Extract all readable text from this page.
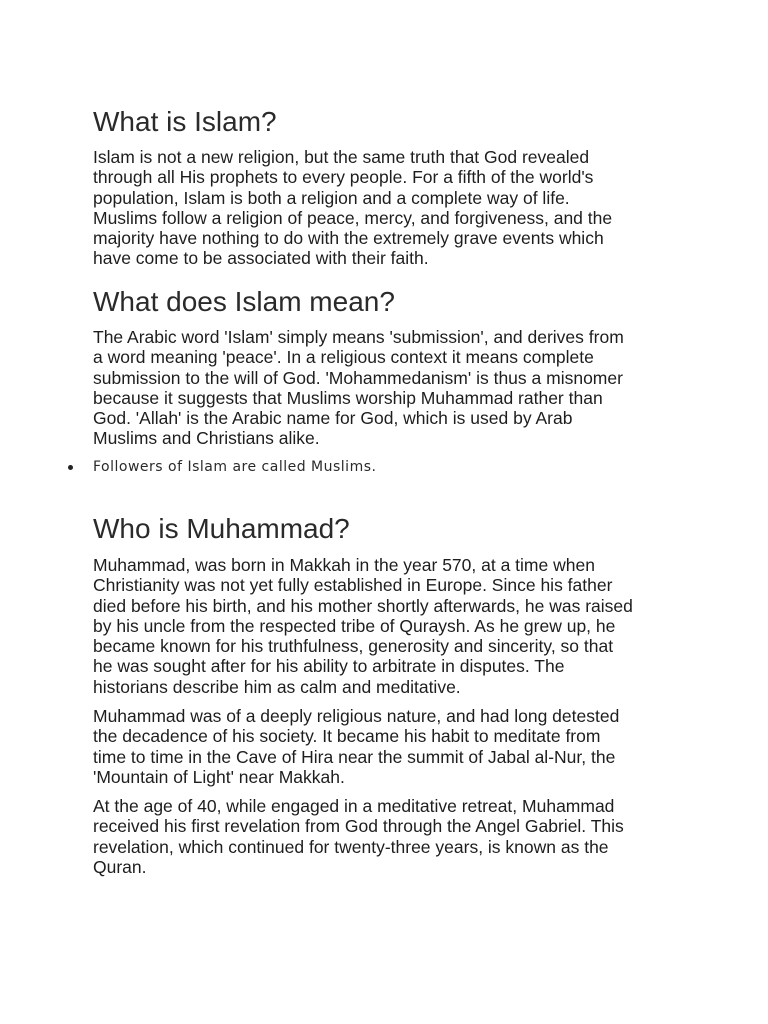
What is Islam?

Islam is not a new religion, but the same truth that God revealed
through all His prophets to every people. For a fifth of the world's
population, Islam is both a religion and a complete way of life.
Muslims follow a religion of peace, mercy, and forgiveness, and the
majority have nothing to do with the extremely grave events which
have come to be associated with their faith.

What does Islam mean?

The Arabic word 'Islam' simply means 'submission', and derives from
a word meaning 'peace'. In a religious context it means complete
submission to the will of God. 'Mohammedanism' is thus a misnomer
because it suggests that Muslims worship Muhammad rather than
God. 'Allah' is the Arabic name for God, which is used by Arab
Muslims and Christians alike.

Followers of Islam are called Muslims.
Who is Muhammad?

Muhammad, was born in Makkah in the year 570, at a time when
Christianity was not yet fully established in Europe. Since his father
died before his birth, and his mother shortly afterwards, he was raised
by his uncle from the respected tribe of Quraysh. As he grew up, he
became known for his truthfulness, generosity and sincerity, so that
he was sought after for his ability to arbitrate in disputes. The
historians describe him as calm and meditative.

Muhammad was of a deeply religious nature, and had long detested
the decadence of his society. It became his habit to meditate from
time to time in the Cave of Hira near the summit of Jabal al-Nur, the
'Mountain of Light' near Makkah.

At the age of 40, while engaged in a meditative retreat, Muhammad
received his first revelation from God through the Angel Gabriel. This
revelation, which continued for twenty-three years, is known as the
Quran.
